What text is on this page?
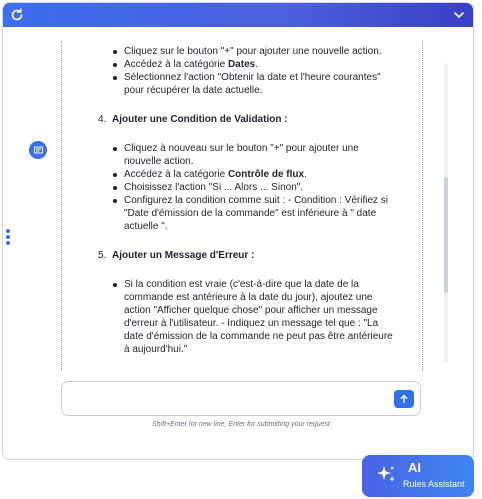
Cliquez sur le bouton "+" pour ajouter une nouvelle action.
Accédez à la catégorie Dates.
Sélectionnez l'action "Obtenir la date et l'heure courantes" pour récupérer la date actuelle.
4. Ajouter une Condition de Validation :
Cliquez à nouveau sur le bouton "+" pour ajouter une nouvelle action.
Accédez à la catégorie Contrôle de flux.
Choisissez l'action "Si ... Alors ... Sinon".
Configurez la condition comme suit : - Condition : Vérifiez si "Date d'émission de la commande" est inférieure à " date actuelle ".
5. Ajouter un Message d'Erreur :
Si la condition est vraie (c'est-à-dire que la date de la commande est antérieure à la date du jour), ajoutez une action "Afficher quelque chose" pour afficher un message d'erreur à l'utilisateur. - Indiquez un message tel que : "La date d'émission de la commande ne peut pas être antérieure à aujourd'hui."
Shift+Enter for new line, Enter for submitting your request
AI
Rules Assistant
